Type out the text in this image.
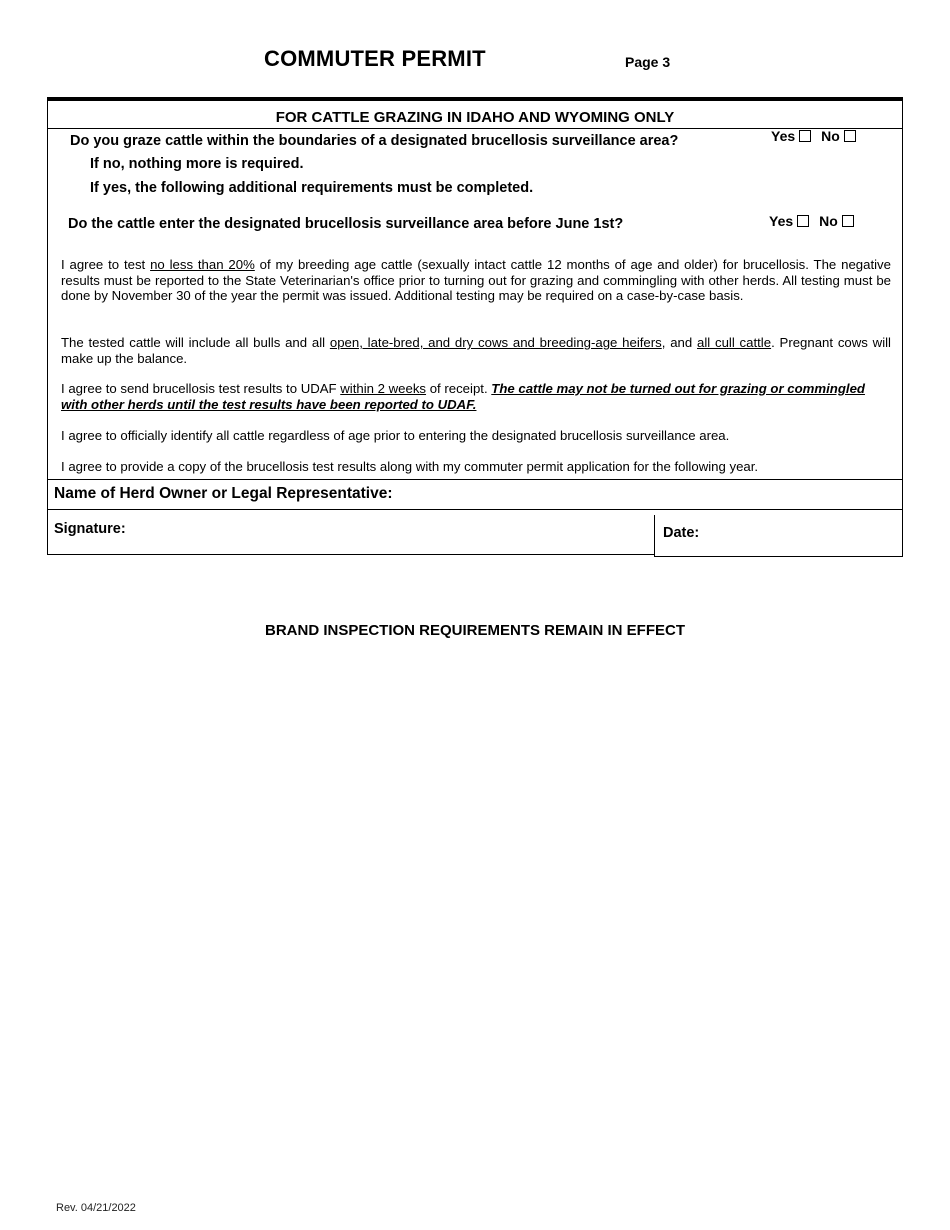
COMMUTER PERMIT	Page 3
FOR CATTLE GRAZING IN IDAHO AND WYOMING ONLY
Do you graze cattle within the boundaries of a designated brucellosis surveillance area?	Yes No
If no, nothing more is required.
If yes, the following additional requirements must be completed.
Do the cattle enter the designated brucellosis surveillance area before June 1st?	Yes No
I agree to test no less than 20% of my breeding age cattle (sexually intact cattle 12 months of age and older) for brucellosis. The negative results must be reported to the State Veterinarian's office prior to turning out for grazing and commingling with other herds. All testing must be done by November 30 of the year the permit was issued. Additional testing may be required on a case-by-case basis.
The tested cattle will include all bulls and all open, late-bred, and dry cows and breeding-age heifers, and all cull cattle. Pregnant cows will make up the balance.
I agree to send brucellosis test results to UDAF within 2 weeks of receipt. The cattle may not be turned out for grazing or commingled with other herds until the test results have been reported to UDAF.
I agree to officially identify all cattle regardless of age prior to entering the designated brucellosis surveillance area.
I agree to provide a copy of the brucellosis test results along with my commuter permit application for the following year.
Name of Herd Owner or Legal Representative:
Signature:	Date:
BRAND INSPECTION REQUIREMENTS REMAIN IN EFFECT
Rev. 04/21/2022
